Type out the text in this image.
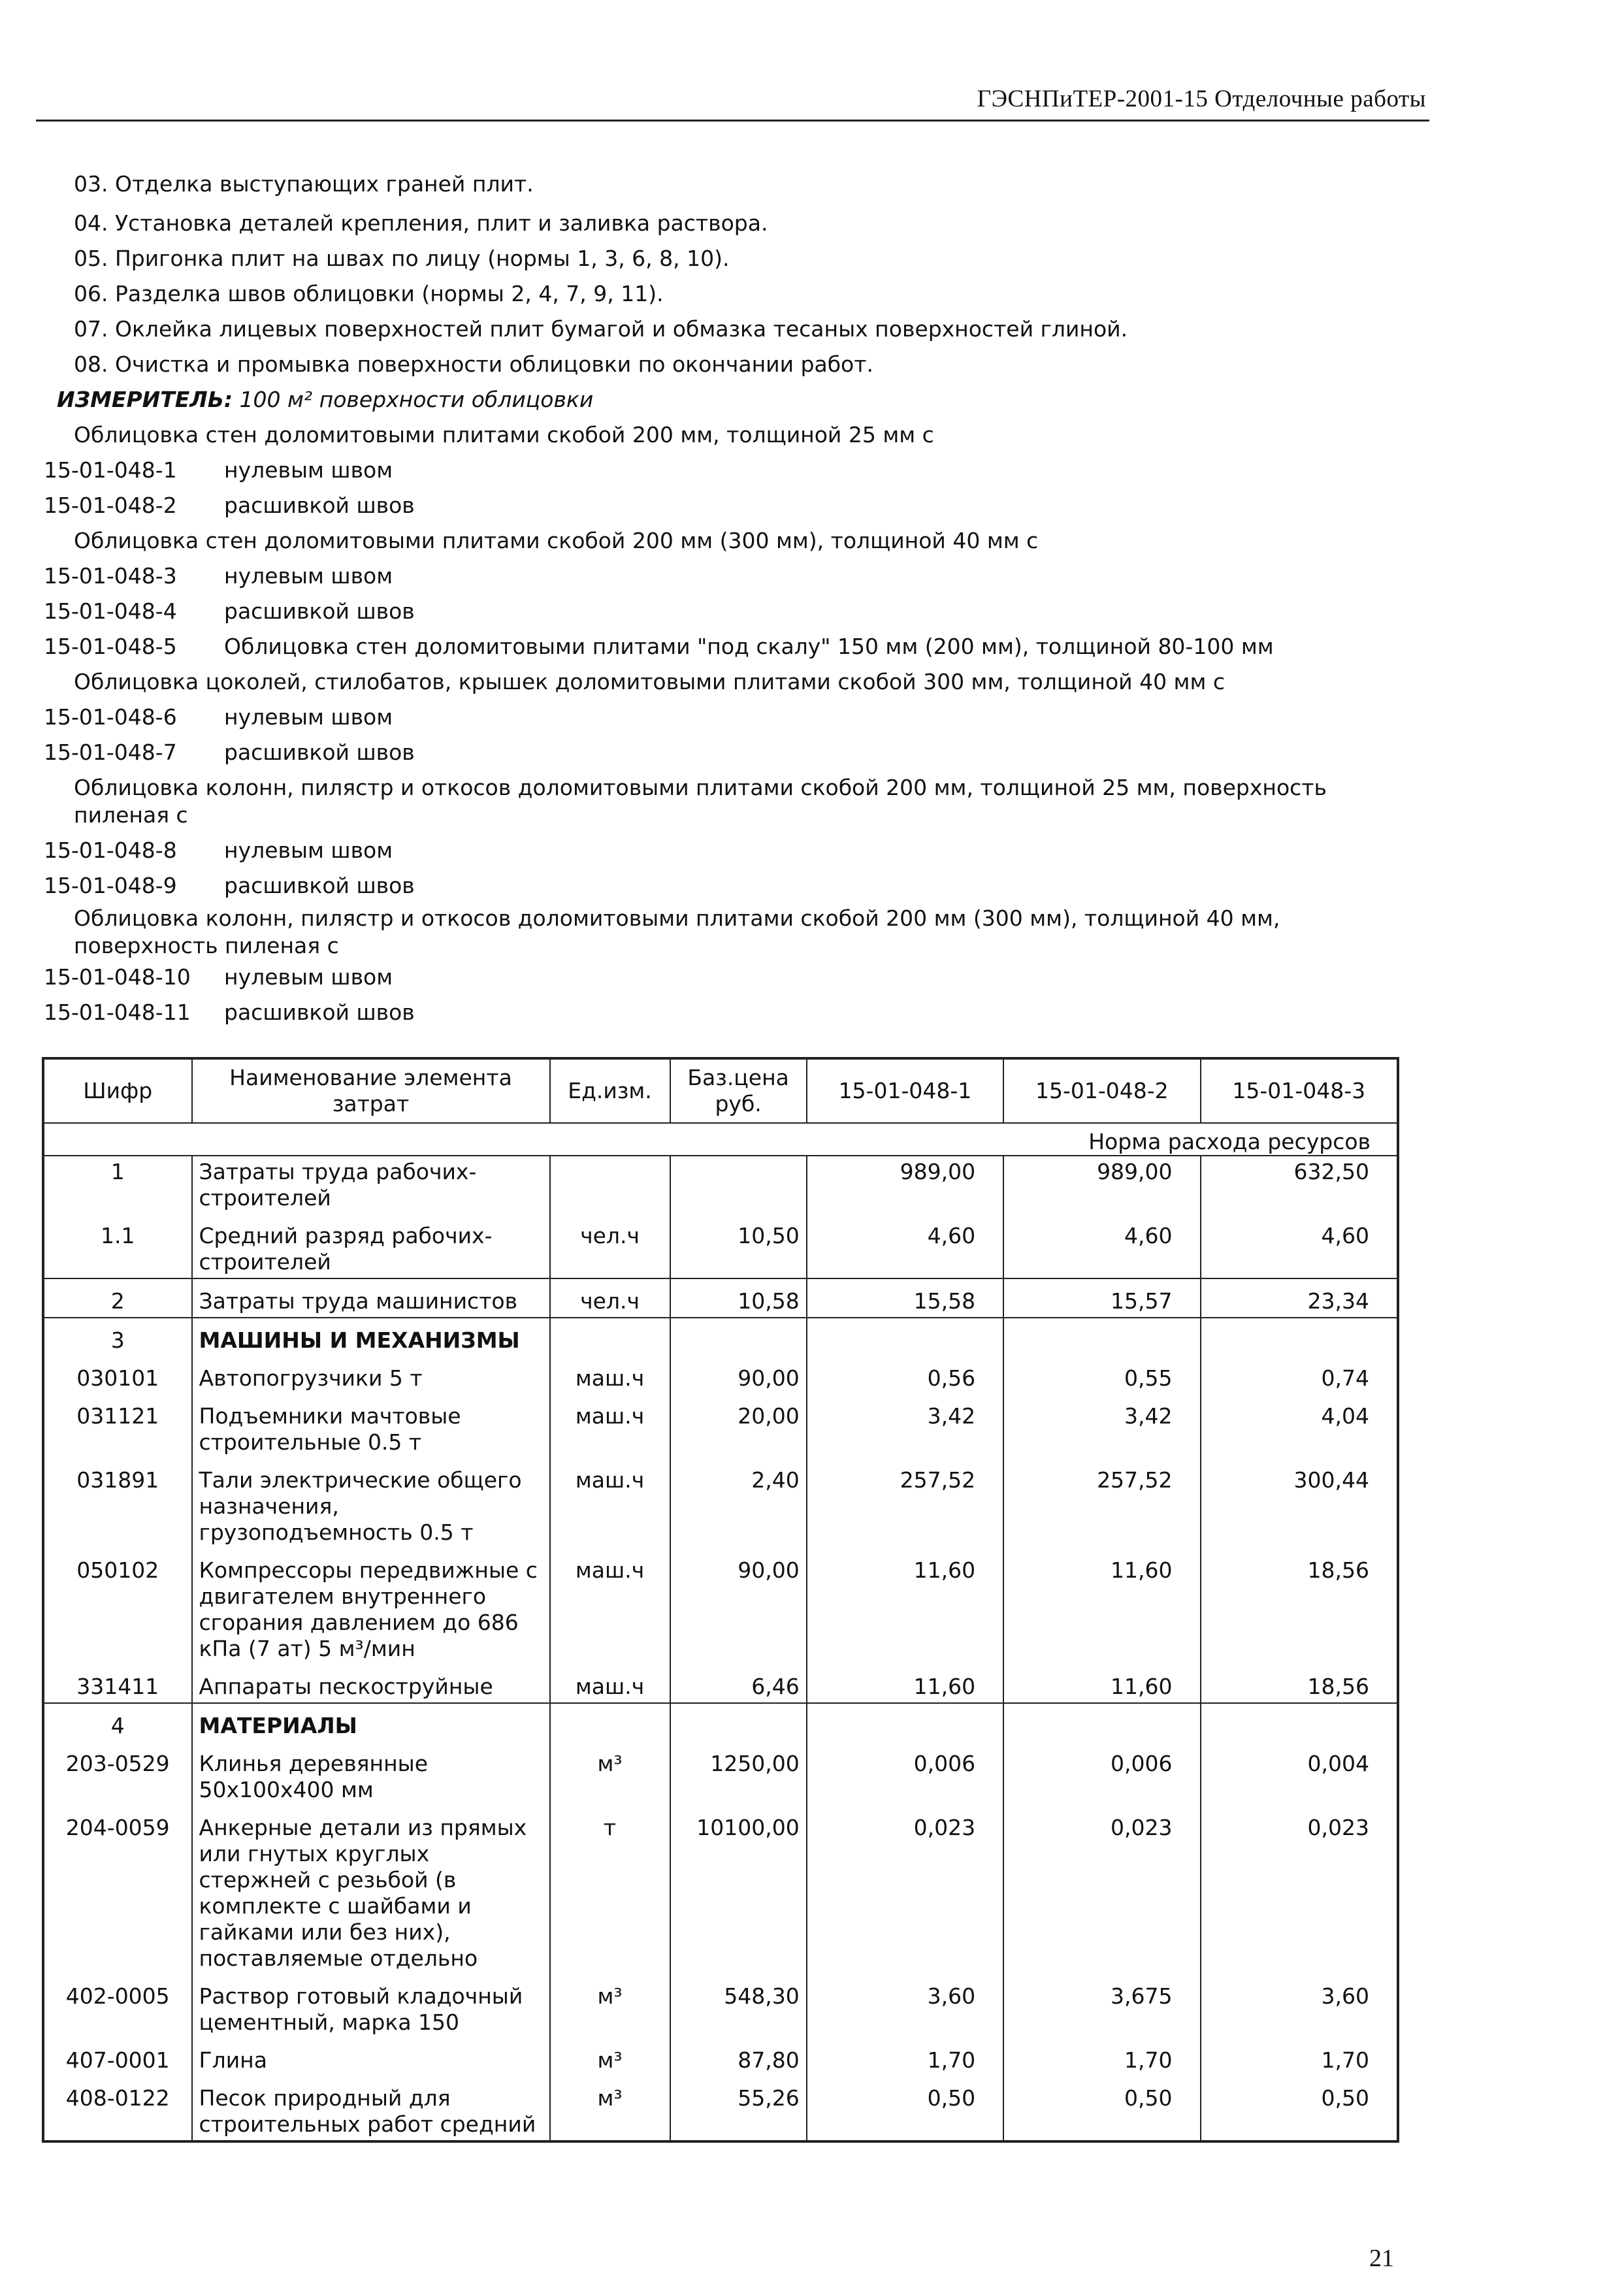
ГЭСНПиТЕР-2001-15 Отделочные работы
03. Отделка выступающих граней плит.
04. Установка деталей крепления, плит и заливка раствора.
05. Пригонка плит на швах по лицу (нормы 1, 3, 6, 8, 10).
06. Разделка швов облицовки (нормы 2, 4, 7, 9, 11).
07. Оклейка лицевых поверхностей плит бумагой и обмазка тесаных поверхностей глиной.
08. Очистка и промывка поверхности облицовки по окончании работ.
ИЗМЕРИТЕЛЬ: 100 м² поверхности облицовки
Облицовка стен доломитовыми плитами скобой 200 мм, толщиной 25 мм с
15-01-048-1 нулевым швом
15-01-048-2 расшивкой швов
Облицовка стен доломитовыми плитами скобой 200 мм (300 мм), толщиной 40 мм с
15-01-048-3 нулевым швом
15-01-048-4 расшивкой швов
15-01-048-5 Облицовка стен доломитовыми плитами "под скалу" 150 мм (200 мм), толщиной 80-100 мм
Облицовка цоколей, стилобатов, крышек доломитовыми плитами скобой 300 мм, толщиной 40 мм с
15-01-048-6 нулевым швом
15-01-048-7 расшивкой швов
Облицовка колонн, пилястр и откосов доломитовыми плитами скобой 200 мм, толщиной 25 мм, поверхность
пиленая с
15-01-048-8 нулевым швом
15-01-048-9 расшивкой швов
Облицовка колонн, пилястр и откосов доломитовыми плитами скобой 200 мм (300 мм), толщиной 40 мм,
поверхность пиленая с
15-01-048-10 нулевым швом
15-01-048-11 расшивкой швов
Шифр	Наименование элемента затрат	Ед.изм.	Баз.цена руб.	15-01-048-1	15-01-048-2	15-01-048-3
Норма расхода ресурсов						
1	Затраты труда рабочих-строителей			989,00	989,00	632,50
1.1	Средний разряд рабочих-строителей	чел.ч	10,50	4,60	4,60	4,60
2	Затраты труда машинистов	чел.ч	10,58	15,58	15,57	23,34
3	МАШИНЫ И МЕХАНИЗМЫ					
030101	Автопогрузчики 5 т	маш.ч	90,00	0,56	0,55	0,74
031121	Подъемники мачтовые строительные 0.5 т	маш.ч	20,00	3,42	3,42	4,04
031891	Тали электрические общего назначения, грузоподъемность 0.5 т	маш.ч	2,40	257,52	257,52	300,44
050102	Компрессоры передвижные с двигателем внутреннего сгорания давлением до 686 кПа (7 ат) 5 м³/мин	маш.ч	90,00	11,60	11,60	18,56
331411	Аппараты пескоструйные	маш.ч	6,46	11,60	11,60	18,56
4	МАТЕРИАЛЫ					
203-0529	Клинья деревянные 50х100х400 мм	м³	1250,00	0,006	0,006	0,004
204-0059	Анкерные детали из прямых или гнутых круглых стержней с резьбой (в комплекте с шайбами и гайками или без них), поставляемые отдельно	т	10100,00	0,023	0,023	0,023
402-0005	Раствор готовый кладочный цементный, марка 150	м³	548,30	3,60	3,675	3,60
407-0001	Глина	м³	87,80	1,70	1,70	1,70
408-0122	Песок природный для строительных работ средний	м³	55,26	0,50	0,50	0,50
21
